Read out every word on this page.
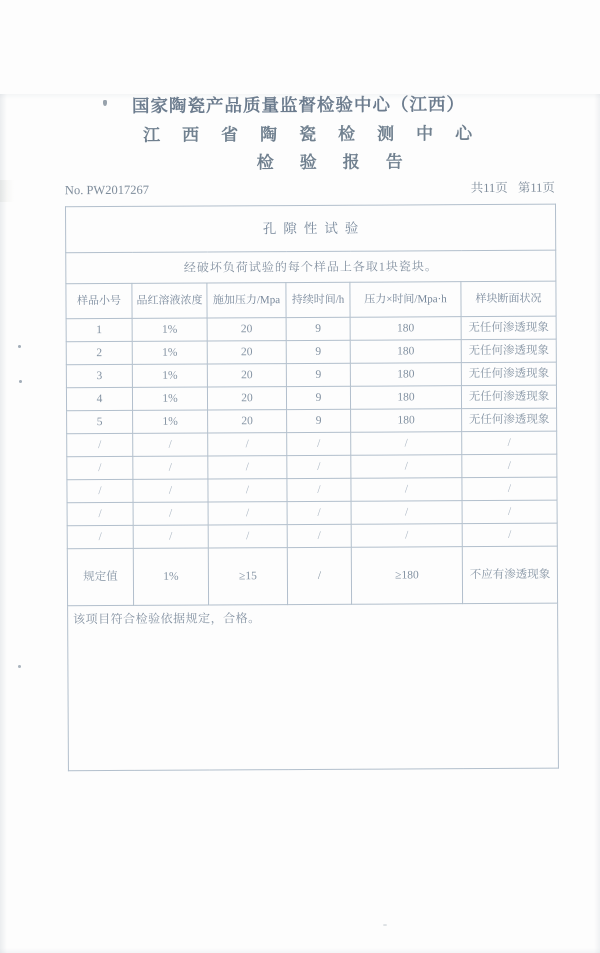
国家陶瓷产品质量监督检验中心（江西）
江西省陶瓷检测中心
检验报告
No. PW2017267	共11页 第11页
孔隙性试验					
经破坏负荷试验的每个样品上各取1块瓷块。					
样品小号	品红溶液浓度	施加压力/Mpa	持续时间/h	压力×时间/Mpa·h	样块断面状况
1	1%	20	9	180	无任何渗透现象
2	1%	20	9	180	无任何渗透现象
3	1%	20	9	180	无任何渗透现象
4	1%	20	9	180	无任何渗透现象
5	1%	20	9	180	无任何渗透现象
/	/	/	/	/	/
/	/	/	/	/	/
/	/	/	/	/	/
/	/	/	/	/	/
/	/	/	/	/	/
规定值	1%	≥15	/	≥180	不应有渗透现象
该项目符合检验依据规定，合格。					
